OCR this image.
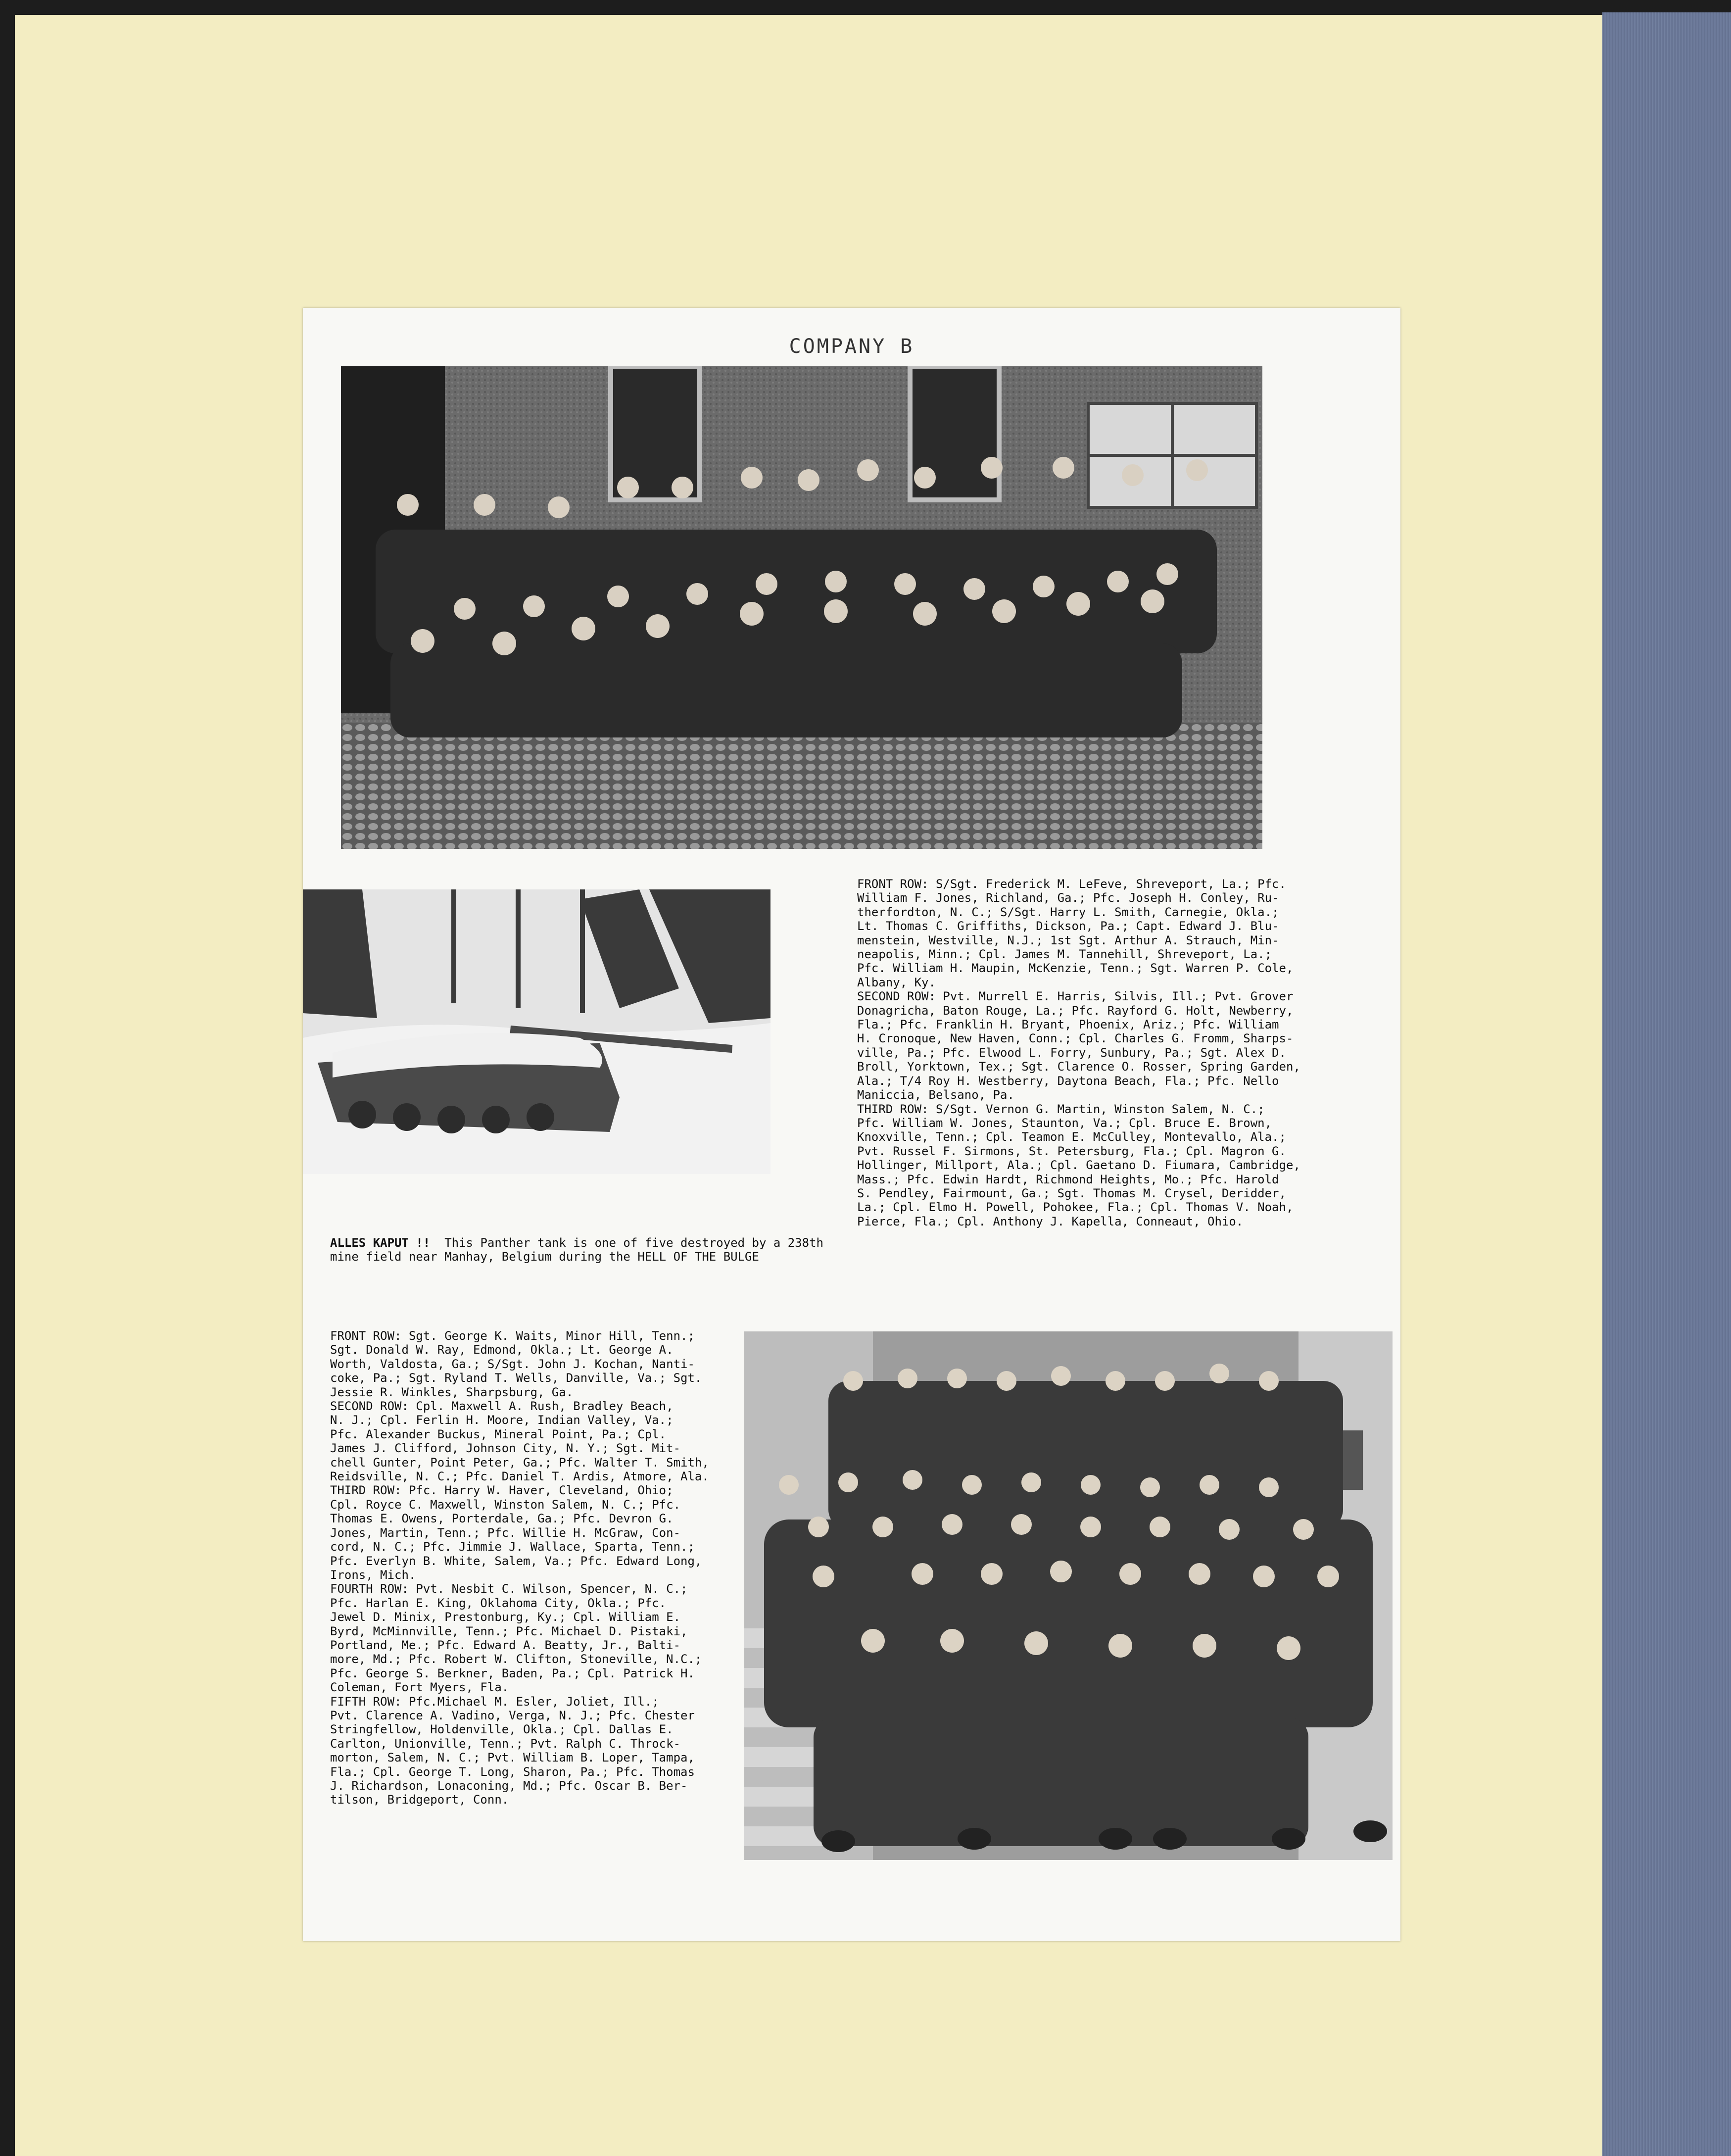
COMPANY B
FRONT ROW: S/Sgt. Frederick M. LeFeve, Shreveport, La.; Pfc.
William F. Jones, Richland, Ga.; Pfc. Joseph H. Conley, Ru-
therfordton, N. C.; S/Sgt. Harry L. Smith, Carnegie, Okla.;
Lt. Thomas C. Griffiths, Dickson, Pa.; Capt. Edward J. Blu-
menstein, Westville, N.J.; 1st Sgt. Arthur A. Strauch, Min-
neapolis, Minn.; Cpl. James M. Tannehill, Shreveport, La.;
Pfc. William H. Maupin, McKenzie, Tenn.; Sgt. Warren P. Cole,
Albany, Ky.
SECOND ROW: Pvt. Murrell E. Harris, Silvis, Ill.; Pvt. Grover
Donagricha, Baton Rouge, La.; Pfc. Rayford G. Holt, Newberry,
Fla.; Pfc. Franklin H. Bryant, Phoenix, Ariz.; Pfc. William
H. Cronoque, New Haven, Conn.; Cpl. Charles G. Fromm, Sharps-
ville, Pa.; Pfc. Elwood L. Forry, Sunbury, Pa.; Sgt. Alex D.
Broll, Yorktown, Tex.; Sgt. Clarence O. Rosser, Spring Garden,
Ala.; T/4 Roy H. Westberry, Daytona Beach, Fla.; Pfc. Nello
Maniccia, Belsano, Pa.
THIRD ROW: S/Sgt. Vernon G. Martin, Winston Salem, N. C.;
Pfc. William W. Jones, Staunton, Va.; Cpl. Bruce E. Brown,
Knoxville, Tenn.; Cpl. Teamon E. McCulley, Montevallo, Ala.;
Pvt. Russel F. Sirmons, St. Petersburg, Fla.; Cpl. Magron G.
Hollinger, Millport, Ala.; Cpl. Gaetano D. Fiumara, Cambridge,
Mass.; Pfc. Edwin Hardt, Richmond Heights, Mo.; Pfc. Harold
S. Pendley, Fairmount, Ga.; Sgt. Thomas M. Crysel, Deridder,
La.; Cpl. Elmo H. Powell, Pohokee, Fla.; Cpl. Thomas V. Noah,
Pierce, Fla.; Cpl. Anthony J. Kapella, Conneaut, Ohio.
ALLES KAPUT !!  This Panther tank is one of five destroyed by a 238th
mine field near Manhay, Belgium during the HELL OF THE BULGE
FRONT ROW: Sgt. George K. Waits, Minor Hill, Tenn.;
Sgt. Donald W. Ray, Edmond, Okla.; Lt. George A.
Worth, Valdosta, Ga.; S/Sgt. John J. Kochan, Nanti-
coke, Pa.; Sgt. Ryland T. Wells, Danville, Va.; Sgt.
Jessie R. Winkles, Sharpsburg, Ga.
SECOND ROW: Cpl. Maxwell A. Rush, Bradley Beach,
N. J.; Cpl. Ferlin H. Moore, Indian Valley, Va.;
Pfc. Alexander Buckus, Mineral Point, Pa.; Cpl.
James J. Clifford, Johnson City, N. Y.; Sgt. Mit-
chell Gunter, Point Peter, Ga.; Pfc. Walter T. Smith,
Reidsville, N. C.; Pfc. Daniel T. Ardis, Atmore, Ala.
THIRD ROW: Pfc. Harry W. Haver, Cleveland, Ohio;
Cpl. Royce C. Maxwell, Winston Salem, N. C.; Pfc.
Thomas E. Owens, Porterdale, Ga.; Pfc. Devron G.
Jones, Martin, Tenn.; Pfc. Willie H. McGraw, Con-
cord, N. C.; Pfc. Jimmie J. Wallace, Sparta, Tenn.;
Pfc. Everlyn B. White, Salem, Va.; Pfc. Edward Long,
Irons, Mich.
FOURTH ROW: Pvt. Nesbit C. Wilson, Spencer, N. C.;
Pfc. Harlan E. King, Oklahoma City, Okla.; Pfc.
Jewel D. Minix, Prestonburg, Ky.; Cpl. William E.
Byrd, McMinnville, Tenn.; Pfc. Michael D. Pistaki,
Portland, Me.; Pfc. Edward A. Beatty, Jr., Balti-
more, Md.; Pfc. Robert W. Clifton, Stoneville, N.C.;
Pfc. George S. Berkner, Baden, Pa.; Cpl. Patrick H.
Coleman, Fort Myers, Fla.
FIFTH ROW: Pfc.Michael M. Esler, Joliet, Ill.;
Pvt. Clarence A. Vadino, Verga, N. J.; Pfc. Chester
Stringfellow, Holdenville, Okla.; Cpl. Dallas E.
Carlton, Unionville, Tenn.; Pvt. Ralph C. Throck-
morton, Salem, N. C.; Pvt. William B. Loper, Tampa,
Fla.; Cpl. George T. Long, Sharon, Pa.; Pfc. Thomas
J. Richardson, Lonaconing, Md.; Pfc. Oscar B. Ber-
tilson, Bridgeport, Conn.
